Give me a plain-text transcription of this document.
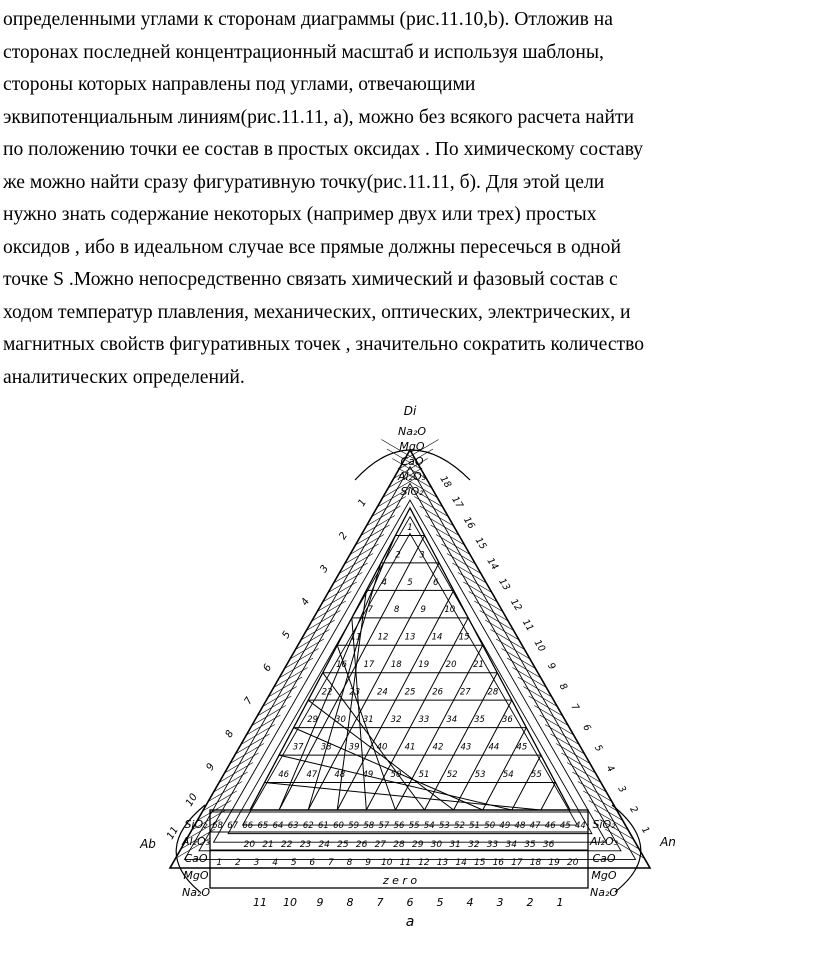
определенными углами к сторонам диаграммы (рис.11.10,b). Отложив на
сторонах последней концентрационный масштаб и используя шаблоны,
стороны которых направлены под углами, отвечающими
эквипотенциальным линиям(рис.11.11, а), можно без всякого расчета найти
по положению точки ее состав в простых оксидах . По химическому составу
же можно найти сразу фигуративную точку(рис.11.11, б). Для этой цели
нужно знать содержание некоторых (например двух или трех) простых
оксидов , ибо в идеальном случае все прямые должны пересечься в одной
точке S .Можно непосредственно связать химический и фазовый состав с
ходом температур плавления, механических, оптических, электрических, и
магнитных свойств фигуративных точек , значительно сократить количество
аналитических определений.
1
2 3
4 5 6
7 8 9 10
11 12 13 14 15
16 17 18 19 20 21
22 23 24 25 26 27 28
29 30 31 32 33 34 35 36
37 38 39 40 41 42 43 44 45
46 47 48 49 50 51 52 53 54 55
11
10
9
8
7
6
5
4
3
2
1
18
17
16
15
14
13
12
11
10
9
8
7
6
5
4
3
2
1
68 67 66 65 64 63 62 61 60 59 58 57 56 55 54 53 52 51 50 49 48 47 46 45 44
20 21 22 23 24 25 26 27 28 29 30 31 32 33 34 35 36
1 2 3 4 5 6 7 8 9 10 11 12 13 14 15 16 17 18 19 20
z e r o
11 10 9 8 7 6 5 4 3 2 1
Di
Ab	An
a
Na₂O
MgO
CaO
Al₂O₃
SiO₂
SiO₂
Al₂O₃
CaO
MgO
Na₂O
SiO₂
Al₂O₃
CaO
MgO
Na₂O
